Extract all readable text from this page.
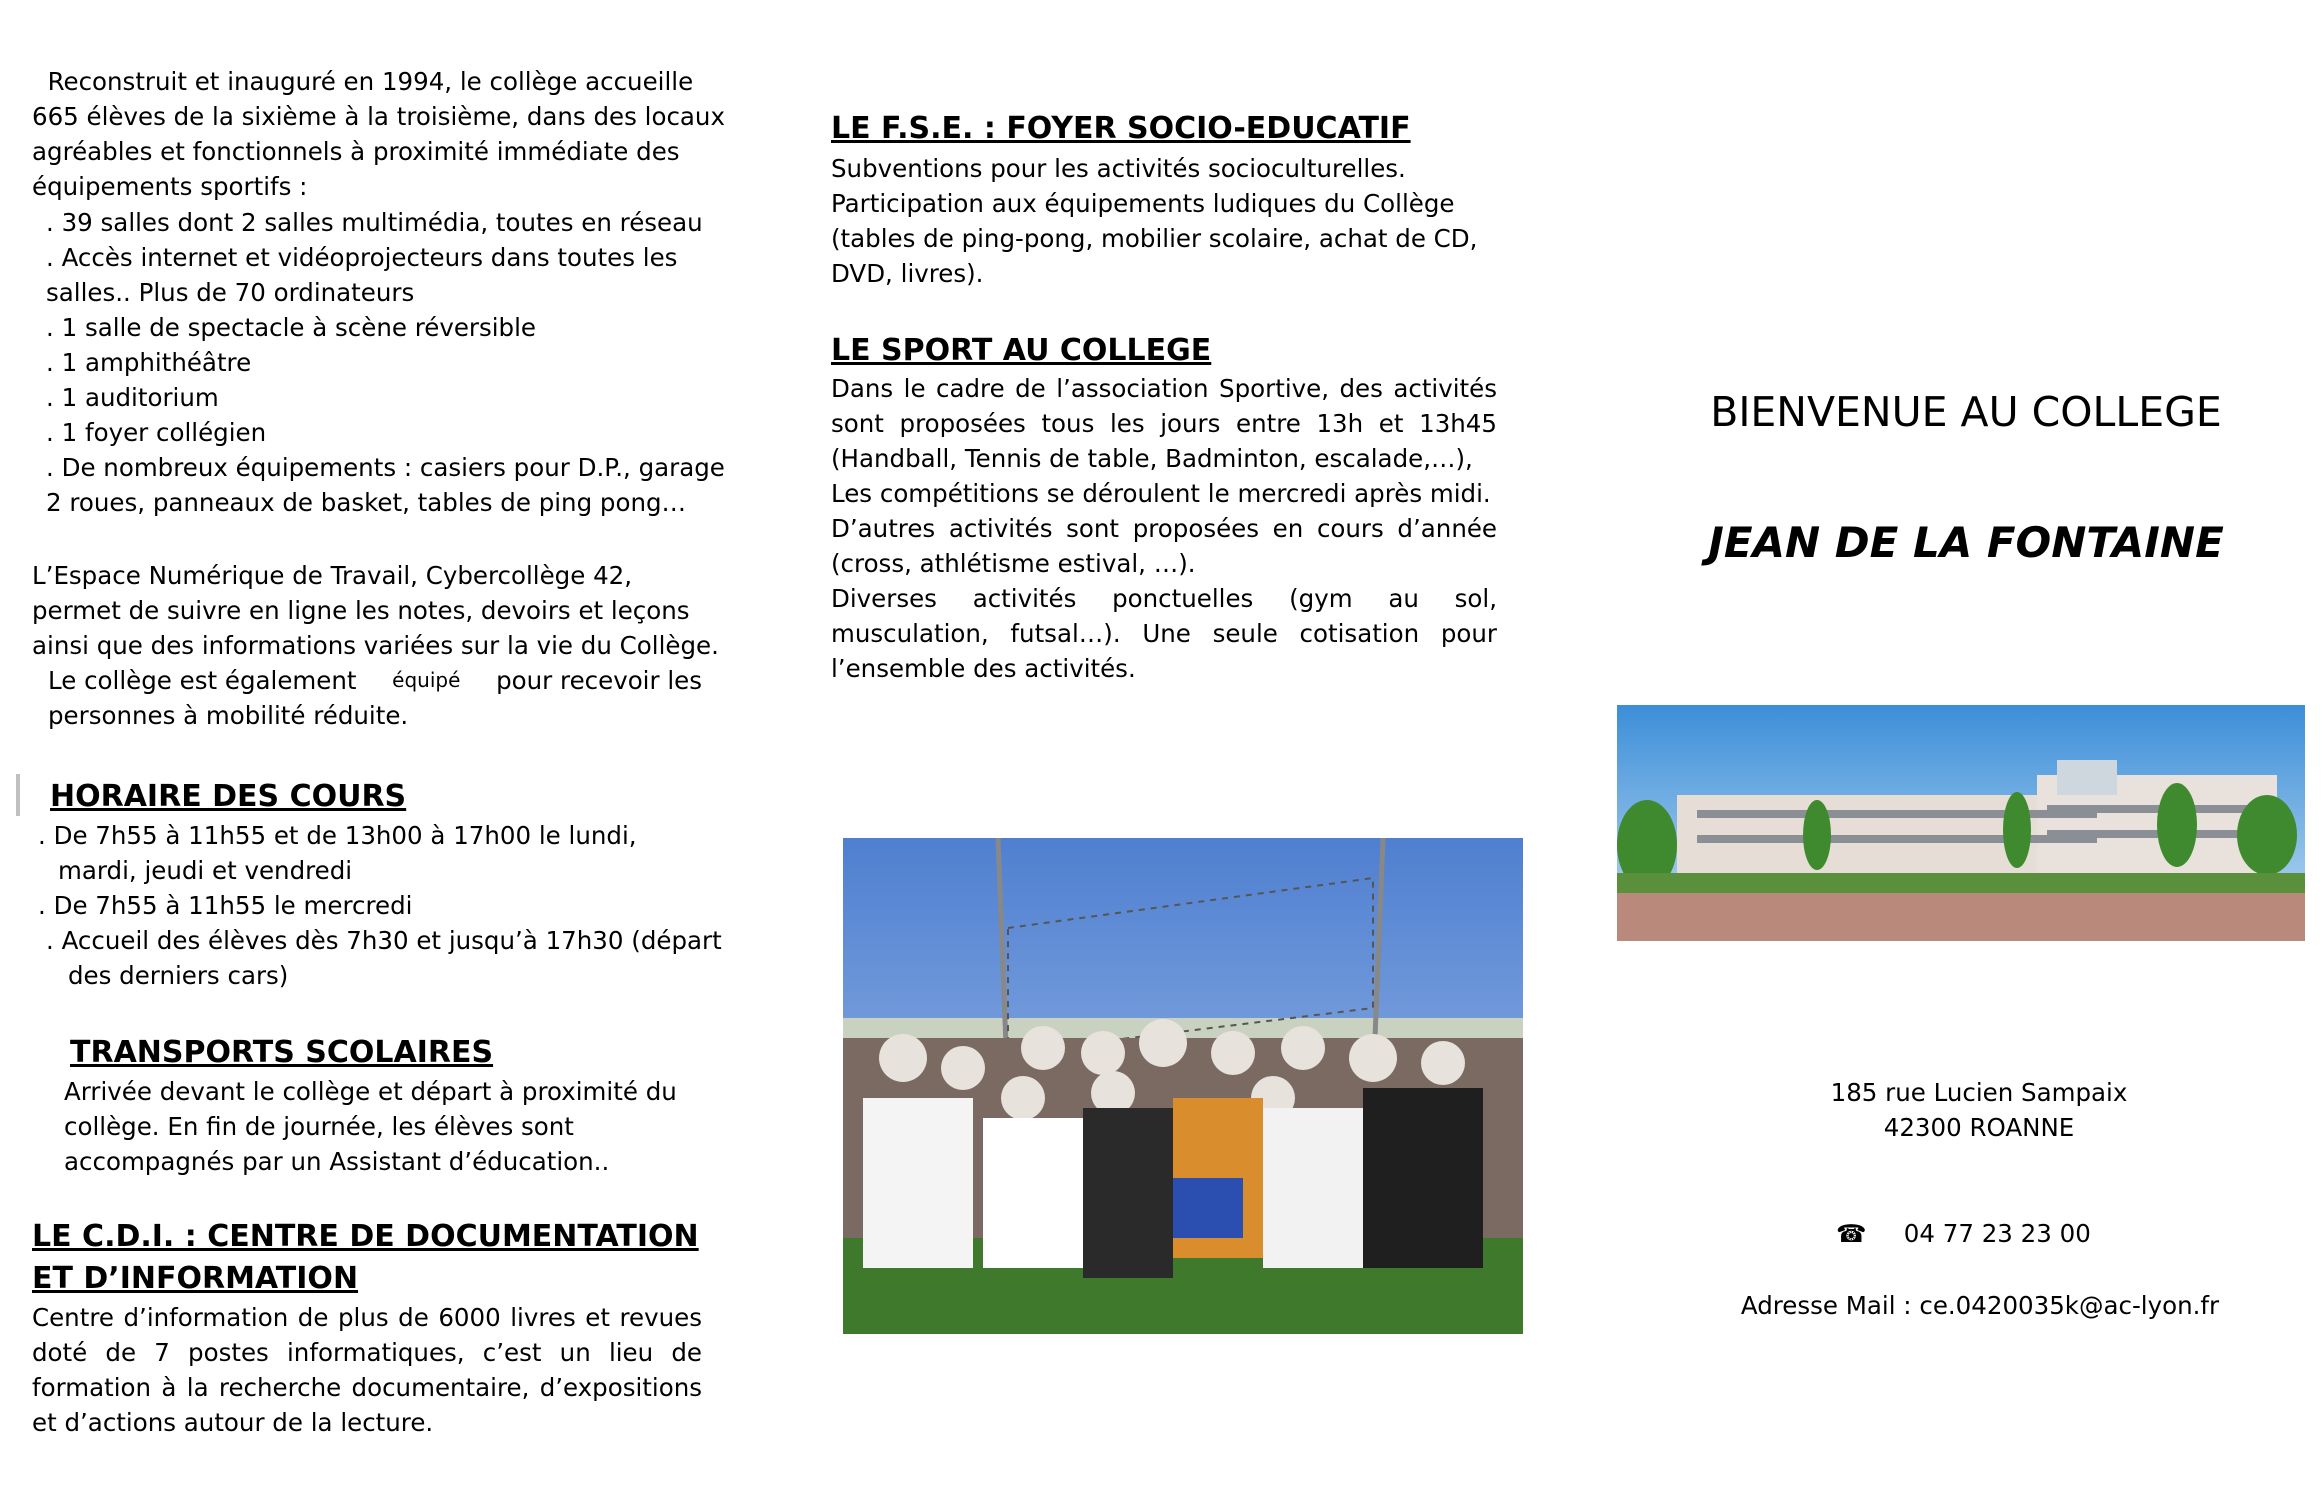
Reconstruit et inauguré en 1994, le collège accueille

665 élèves de la sixième à la troisième, dans des locaux

agréables et fonctionnels à proximité immédiate des

équipements sportifs :

. 39 salles dont 2 salles multimédia, toutes en réseau

. Accès internet et vidéoprojecteurs dans toutes les

salles.. Plus de 70 ordinateurs

. 1 salle de spectacle à scène réversible

. 1 amphithéâtre

. 1 auditorium

. 1 foyer collégien

. De nombreux équipements : casiers pour D.P., garage

2 roues, panneaux de basket, tables de ping pong…

L’Espace Numérique de Travail, Cybercollège 42,

permet de suivre en ligne les notes, devoirs et leçons

ainsi que des informations variées sur la vie du Collège.

Le collège est également équipé pour recevoir les

personnes à mobilité réduite.

HORAIRE DES COURS

. De 7h55 à 11h55 et de 13h00 à 17h00 le lundi,

mardi, jeudi et vendredi

. De 7h55 à 11h55 le mercredi

. Accueil des élèves dès 7h30 et jusqu’à 17h30 (départ

des derniers cars)

TRANSPORTS SCOLAIRES

Arrivée devant le collège et départ à proximité du

collège. En fin de journée, les élèves sont

accompagnés par un Assistant d’éducation..

LE C.D.I. : CENTRE DE DOCUMENTATION
ET D’INFORMATION

Centre d’information de plus de 6000 livres et revues doté de 7 postes informatiques, c’est un lieu de formation à la recherche documentaire, d’expositions et d’actions autour de la lecture.

LE F.S.E. : FOYER SOCIO-EDUCATIF

Subventions pour les activités socioculturelles.

Participation aux équipements ludiques du Collège

(tables de ping-pong, mobilier scolaire, achat de CD,

DVD, livres).

LE SPORT AU COLLEGE

Dans le cadre de l’association Sportive, des activités sont proposées tous les jours entre 13h et 13h45 (Handball, Tennis de table, Badminton, escalade,…),

Les compétitions se déroulent le mercredi après midi.

D’autres activités sont proposées en cours d’année (cross, athlétisme estival, …).

Diverses activités ponctuelles (gym au sol, musculation, futsal…). Une seule cotisation pour l’ensemble des activités.

BIENVENUE AU COLLEGE
JEAN DE LA FONTAINE

185 rue Lucien Sampaix

42300 ROANNE

☎ 04 77 23 23 00

Adresse Mail : ce.0420035k@ac-lyon.fr
